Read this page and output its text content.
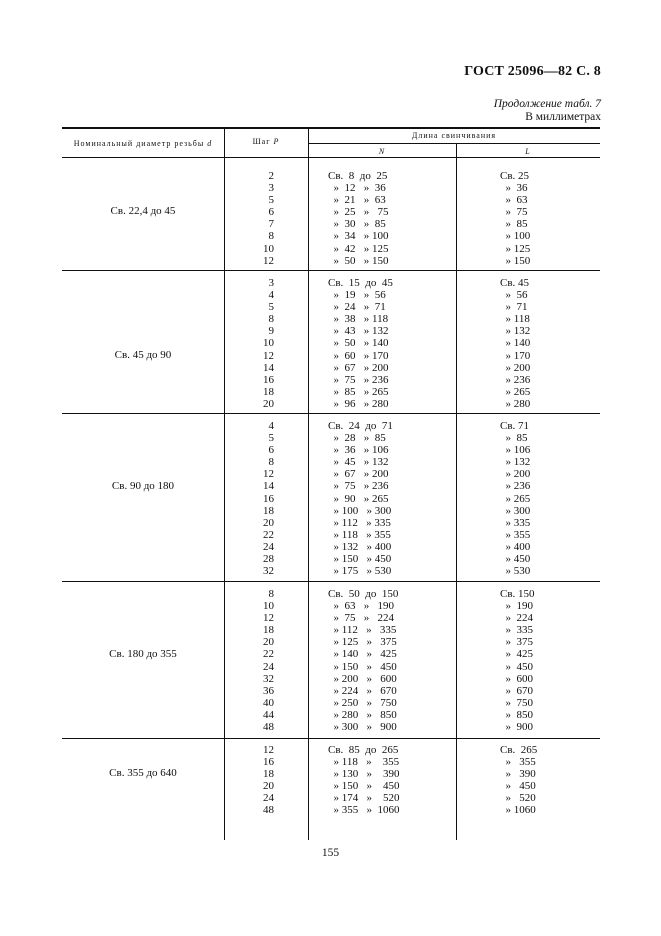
ГОСТ 25096—82 С. 8
Продолжение табл. 7
В миллиметрах
Номинальный диаметр резьбы d	Шаг P
Длина свинчивания
N	L
Св. 22,4 до 45
2
3
5
6
7
8
10
12
Св.  8  до  25
»  12   »  36
»  21   »  63
»  25   »   75
»  30   »  85
»  34   » 100
»  42   » 125
»  50   » 150
Св. 25
»  36
»  63
»  75
»  85
» 100
» 125
» 150
Св. 45 до 90
3
4
5
8
9
10
12
14
16
18
20
Св.  15  до  45
»  19   »  56
»  24   »  71
»  38   » 118
»  43   » 132
»  50   » 140
»  60   » 170
»  67   » 200
»  75   » 236
»  85   » 265
»  96   » 280
Св. 45
»  56
»  71
» 118
» 132
» 140
» 170
» 200
» 236
» 265
» 280
Св. 90 до 180
4
5
6
8
12
14
16
18
20
22
24
28
32
Св.  24  до  71
»  28   »  85
»  36   » 106
»  45   » 132
»  67   » 200
»  75   » 236
»  90   » 265
» 100   » 300
» 112   » 335
» 118   » 355
» 132   » 400
» 150   » 450
» 175   » 530
Св. 71
»  85
» 106
» 132
» 200
» 236
» 265
» 300
» 335
» 355
» 400
» 450
» 530
Св. 180 до 355
8
10
12
18
20
22
24
32
36
40
44
48
Св.  50  до  150
»  63   »   190
»  75   »   224
» 112   »   335
» 125   »   375
» 140   »   425
» 150   »   450
» 200   »   600
» 224   »   670
» 250   »   750
» 280   »   850
» 300   »   900
Св. 150
»  190
»  224
»  335
»  375
»  425
»  450
»  600
»  670
»  750
»  850
»  900
Св. 355 до 640
12
16
18
20
24
48
Св.  85  до  265
» 118   »    355
» 130   »    390
» 150   »    450
» 174   »    520
» 355   »  1060
Св.  265
»   355
»   390
»   450
»   520
» 1060
155
